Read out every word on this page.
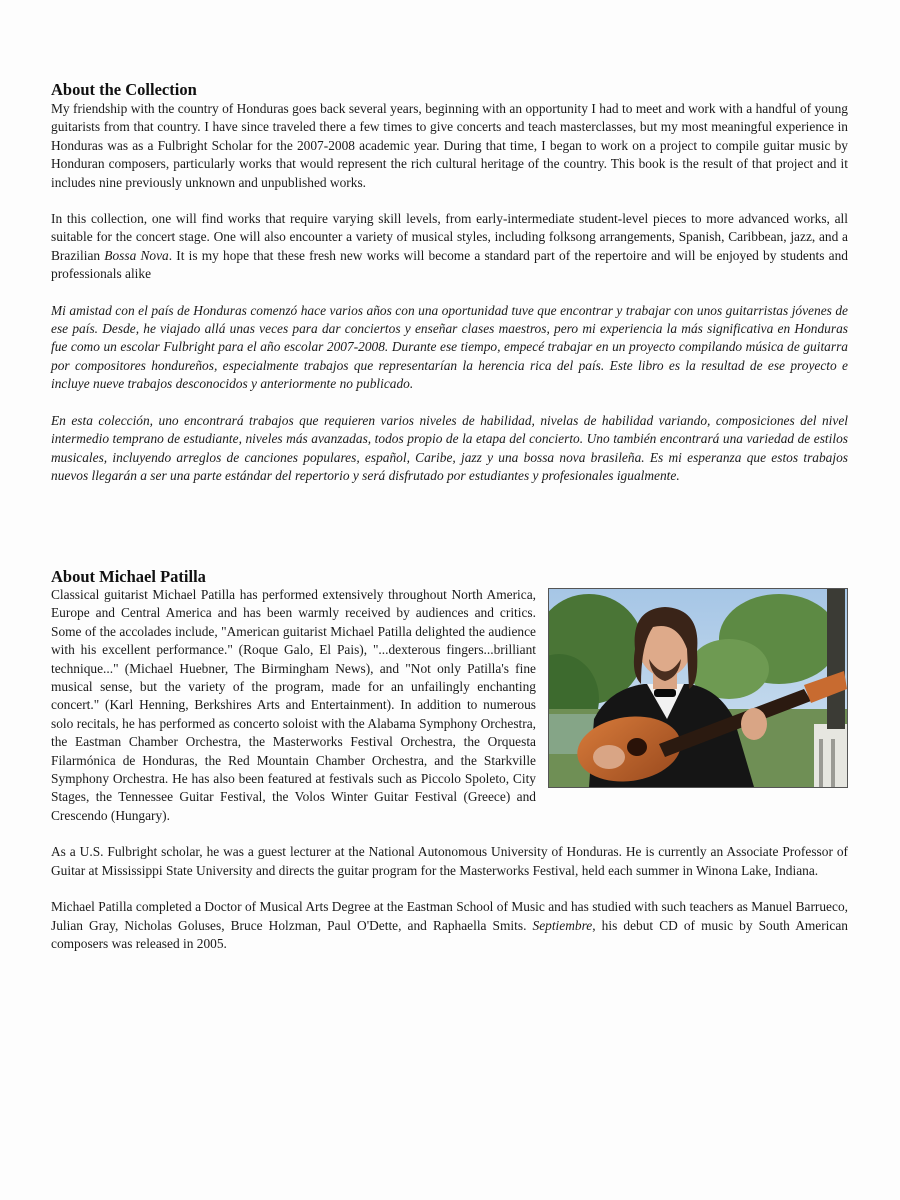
About the Collection

My friendship with the country of Honduras goes back several years, beginning with an opportunity I had to meet and work with a handful of young guitarists from that country. I have since traveled there a few times to give concerts and teach masterclasses, but my most meaningful experience in Honduras was as a Fulbright Scholar for the 2007-2008 academic year. During that time, I began to work on a project to compile guitar music by Honduran composers, particularly works that would represent the rich cultural heritage of the country. This book is the result of that project and it includes nine previously unknown and unpublished works.

In this collection, one will find works that require varying skill levels, from early-intermediate student-level pieces to more advanced works, all suitable for the concert stage. One will also encounter a variety of musical styles, including folksong arrangements, Spanish, Caribbean, jazz, and a Brazilian Bossa Nova. It is my hope that these fresh new works will become a standard part of the repertoire and will be enjoyed by students and professionals alike

Mi amistad con el país de Honduras comenzó hace varios años con una oportunidad tuve que encontrar y trabajar con unos guitarristas jóvenes de ese país. Desde, he viajado allá unas veces para dar conciertos y enseñar clases maestros, pero mi experiencia la más significativa en Honduras fue como un escolar Fulbright para el año escolar 2007-2008. Durante ese tiempo, empecé trabajar en un proyecto compilando música de guitarra por compositores hondureños, especialmente trabajos que representarían la herencia rica del país. Este libro es la resultad de ese proyecto e incluye nueve trabajos desconocidos y anteriormente no publicado.

En esta colección, uno encontrará trabajos que requieren varios niveles de habilidad, nivelas de habilidad variando, composiciones del nivel intermedio temprano de estudiante, niveles más avanzadas, todos propio de la etapa del concierto. Uno también encontrará una variedad de estilos musicales, incluyendo arreglos de canciones populares, español, Caribe, jazz y una bossa nova brasileña. Es mi esperanza que estos trabajos nuevos llegarán a ser una parte estándar del repertorio y será disfrutado por estudiantes y profesionales igualmente.

About Michael Patilla

Classical guitarist Michael Patilla has performed extensively throughout North America, Europe and Central America and has been warmly received by audiences and critics. Some of the accolades include, "American guitarist Michael Patilla delighted the audience with his excellent performance." (Roque Galo, El Pais), "...dexterous fingers...brilliant technique..." (Michael Huebner, The Birmingham News), and "Not only Patilla's fine musical sense, but the variety of the program, made for an unfailingly enchanting concert." (Karl Henning, Berkshires Arts and Entertainment). In addition to numerous solo recitals, he has performed as concerto soloist with the Alabama Symphony Orchestra, the Eastman Chamber Orchestra, the Masterworks Festival Orchestra, the Orquesta Filarmónica de Honduras, the Red Mountain Chamber Orchestra, and the Starkville Symphony Orchestra. He has also been featured at festivals such as Piccolo Spoleto, City Stages, the Tennessee Guitar Festival, the Volos Winter Guitar Festival (Greece) and Crescendo (Hungary).

As a U.S. Fulbright scholar, he was a guest lecturer at the National Autonomous University of Honduras. He is currently an Associate Professor of Guitar at Mississippi State University and directs the guitar program for the Masterworks Festival, held each summer in Winona Lake, Indiana.

Michael Patilla completed a Doctor of Musical Arts Degree at the Eastman School of Music and has studied with such teachers as Manuel Barrueco, Julian Gray, Nicholas Goluses, Bruce Holzman, Paul O'Dette, and Raphaella Smits. Septiembre, his debut CD of music by South American composers was released in 2005.
